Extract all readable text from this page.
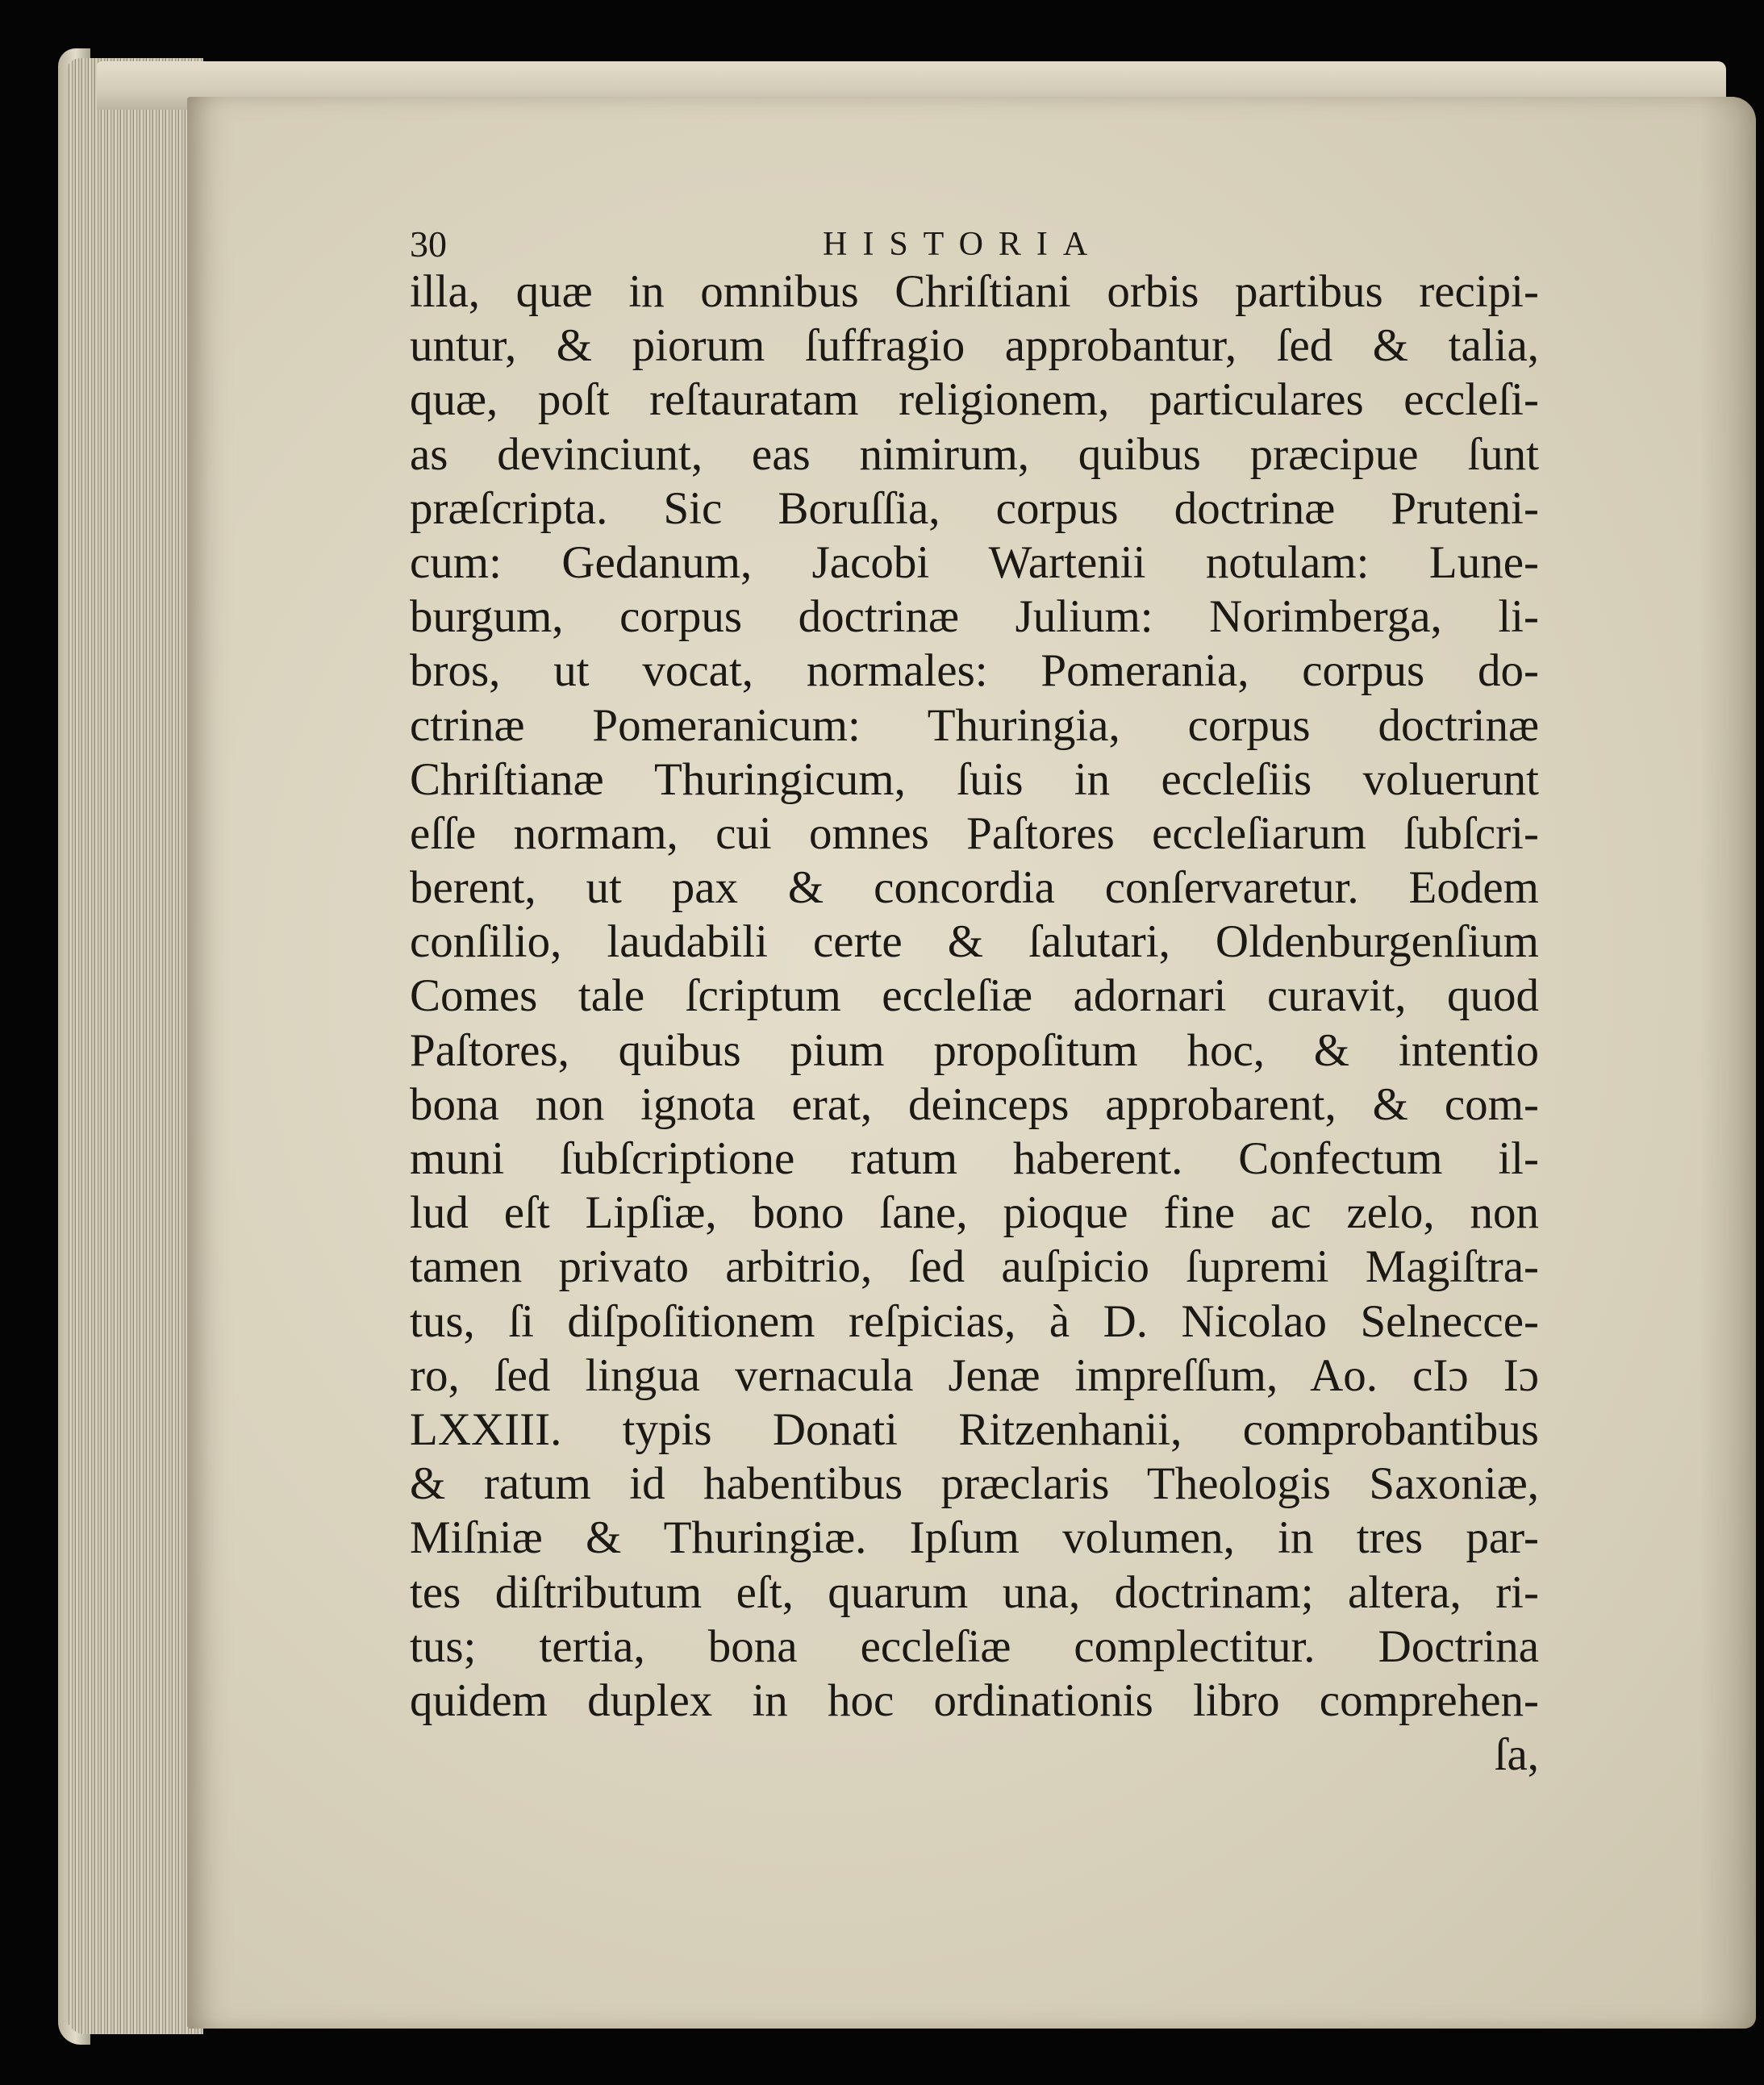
30	HISTORIA
illa, quæ in omnibus Chriſtiani orbis partibus recipi-
untur, & piorum ſuffragio approbantur, ſed & talia,
quæ, poſt reſtauratam religionem, particulares eccleſi-
as devinciunt, eas nimirum, quibus præcipue ſunt
præſcripta. Sic Boruſſia, corpus doctrinæ Pruteni-
cum: Gedanum, Jacobi Wartenii notulam: Lune-
burgum, corpus doctrinæ Julium: Norimberga, li-
bros, ut vocat, normales: Pomerania, corpus do-
ctrinæ Pomeranicum: Thuringia, corpus doctrinæ
Chriſtianæ Thuringicum, ſuis in eccleſiis voluerunt
eſſe normam, cui omnes Paſtores eccleſiarum ſubſcri-
berent, ut pax & concordia conſervaretur. Eodem
conſilio, laudabili certe & ſalutari, Oldenburgenſium
Comes tale ſcriptum eccleſiæ adornari curavit, quod
Paſtores, quibus pium propoſitum hoc, & intentio
bona non ignota erat, deinceps approbarent, & com-
muni ſubſcriptione ratum haberent. Confectum il-
lud eſt Lipſiæ, bono ſane, pioque fine ac zelo, non
tamen privato arbitrio, ſed auſpicio ſupremi Magiſtra-
tus, ſi diſpoſitionem reſpicias, à D. Nicolao Selnecce-
ro, ſed lingua vernacula Jenæ impreſſum, Ao. cIɔ Iɔ
LXXIII. typis Donati Ritzenhanii, comprobantibus
& ratum id habentibus præclaris Theologis Saxoniæ,
Miſniæ & Thuringiæ. Ipſum volumen, in tres par-
tes diſtributum eſt, quarum una, doctrinam; altera, ri-
tus; tertia, bona eccleſiæ complectitur. Doctrina
quidem duplex in hoc ordinationis libro comprehen-
ſa,
